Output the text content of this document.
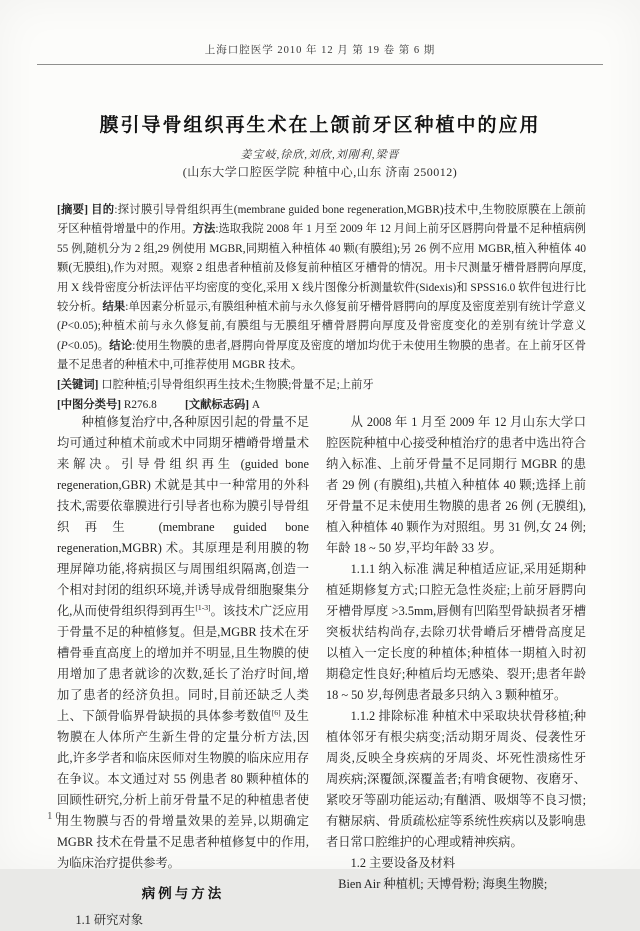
上海口腔医学 2010 年 12 月 第 19 卷 第 6 期
膜引导骨组织再生术在上颌前牙区种植中的应用
姜宝岐,徐欣,刘欣,刘刚利,梁晋
(山东大学口腔医学院 种植中心,山东 济南 250012)

[摘要] 目的:探讨膜引导骨组织再生(membrane guided bone regeneration,MGBR)技术中,生物胶原膜在上颌前牙区种植骨增量中的作用。方法:选取我院 2008 年 1 月至 2009 年 12 月间上前牙区唇腭向骨量不足种植病例 55 例,随机分为 2 组,29 例使用 MGBR,同期植入种植体 40 颗(有膜组);另 26 例不应用 MGBR,植入种植体 40 颗(无膜组),作为对照。观察 2 组患者种植前及修复前种植区牙槽骨的情况。用卡尺测量牙槽骨唇腭向厚度,用 X 线骨密度分析法评估平均密度的变化,采用 X 线片图像分析测量软件(Sidexis)和 SPSS16.0 软件包进行比较分析。结果:单因素分析显示,有膜组种植术前与永久修复前牙槽骨唇腭向的厚度及密度差别有统计学意义(P<0.05);种植术前与永久修复前,有膜组与无膜组牙槽骨唇腭向厚度及骨密度变化的差别有统计学意义(P<0.05)。结论:使用生物膜的患者,唇腭向骨厚度及密度的增加均优于未使用生物膜的患者。在上前牙区骨量不足患者的种植术中,可推荐使用 MGBR 技术。

[关键词] 口腔种植;引导骨组织再生技术;生物膜;骨量不足;上前牙

[中图分类号] R276.8	[文献标志码] A

种植修复治疗中,各种原因引起的骨量不足均可通过种植术前或术中同期牙槽嵴骨增量术来解决。引导骨组织再生 (guided bone regeneration,GBR) 术就是其中一种常用的外科技术,需要依靠膜进行引导者也称为膜引导骨组织再生 (membrane guided bone regeneration,MGBR) 术。其原理是利用膜的物理屏障功能,将病损区与周围组织隔离,创造一个相对封闭的组织环境,并诱导成骨细胞聚集分化,从而使骨组织得到再生[1-3]。该技术广泛应用于骨量不足的种植修复。但是,MGBR 技术在牙槽骨垂直高度上的增加并不明显,且生物膜的使用增加了患者就诊的次数,延长了治疗时间,增加了患者的经济负担。同时,目前还缺乏人类上、下颌骨临界骨缺损的具体参考数值[6] 及生物膜在人体所产生新生骨的定量分析方法,因此,许多学者和临床医师对生物膜的临床应用存在争议。本文通过对 55 例患者 80 颗种植体的回顾性研究,分析上前牙骨量不足的种植患者使用生物膜与否的骨增量效果的差异,以期确定 MGBR 技术在骨量不足患者种植修复中的作用,为临床治疗提供参考。

病例与方法

1.1 研究对象

从 2008 年 1 月至 2009 年 12 月山东大学口腔医院种植中心接受种植治疗的患者中选出符合纳入标准、上前牙骨量不足同期行 MGBR 的患者 29 例 (有膜组),共植入种植体 40 颗;选择上前牙骨量不足未使用生物膜的患者 26 例 (无膜组),植入种植体 40 颗作为对照组。男 31 例,女 24 例;年龄 18 ~ 50 岁,平均年龄 33 岁。

1.1.1 纳入标准 满足种植适应证,采用延期种植延期修复方式;口腔无急性炎症;上前牙唇腭向牙槽骨厚度 >3.5mm,唇侧有凹陷型骨缺损者牙槽突板状结构尚存,去除刃状骨嵴后牙槽骨高度足以植入一定长度的种植体;种植体一期植入时初期稳定性良好;种植后均无感染、裂开;患者年龄 18 ~ 50 岁,每例患者最多只纳入 3 颗种植牙。

1.1.2 排除标准 种植术中采取块状骨移植;种植体邻牙有根尖病变;活动期牙周炎、侵袭性牙周炎,反映全身疾病的牙周炎、坏死性溃疡性牙周疾病;深覆颌,深覆盖者;有啃食硬物、夜磨牙、紧咬牙等副功能运动;有酗酒、吸烟等不良习惯;有糖尿病、骨质疏松症等系统性疾病以及影响患者日常口腔维护的心理或精神疾病。

1.2 主要设备及材料

Bien Air 种植机; 天博骨粉; 海奥生物膜;

10
